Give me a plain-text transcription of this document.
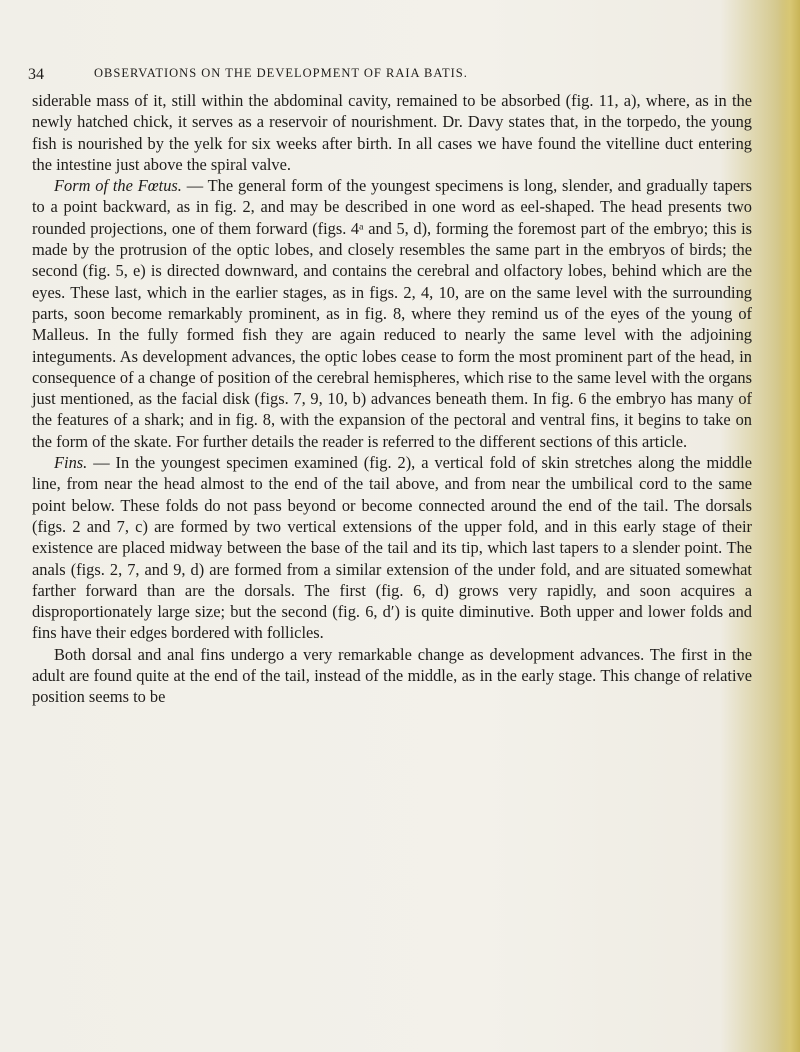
34	OBSERVATIONS ON THE DEVELOPMENT OF RAIA BATIS.

siderable mass of it, still within the abdominal cavity, remained to be absorbed (fig. 11, a), where, as in the newly hatched chick, it serves as a reservoir of nourishment. Dr. Davy states that, in the torpedo, the young fish is nourished by the yelk for six weeks after birth. In all cases we have found the vitelline duct entering the intestine just above the spiral valve.

Form of the Fœtus. — The general form of the youngest specimens is long, slender, and gradually tapers to a point backward, as in fig. 2, and may be described in one word as eel-shaped. The head presents two rounded projections, one of them forward (figs. 4ᵃ and 5, d), forming the foremost part of the embryo; this is made by the protrusion of the optic lobes, and closely resembles the same part in the embryos of birds; the second (fig. 5, e) is directed downward, and contains the cerebral and olfactory lobes, behind which are the eyes. These last, which in the earlier stages, as in figs. 2, 4, 10, are on the same level with the surrounding parts, soon become remarkably prominent, as in fig. 8, where they remind us of the eyes of the young of Malleus. In the fully formed fish they are again reduced to nearly the same level with the adjoining integuments. As development advances, the optic lobes cease to form the most prominent part of the head, in consequence of a change of position of the cerebral hemispheres, which rise to the same level with the organs just mentioned, as the facial disk (figs. 7, 9, 10, b) advances beneath them. In fig. 6 the embryo has many of the features of a shark; and in fig. 8, with the expansion of the pectoral and ventral fins, it begins to take on the form of the skate. For further details the reader is referred to the different sections of this article.

Fins. — In the youngest specimen examined (fig. 2), a vertical fold of skin stretches along the middle line, from near the head almost to the end of the tail above, and from near the umbilical cord to the same point below. These folds do not pass beyond or become connected around the end of the tail. The dorsals (figs. 2 and 7, c) are formed by two vertical extensions of the upper fold, and in this early stage of their existence are placed midway between the base of the tail and its tip, which last tapers to a slender point. The anals (figs. 2, 7, and 9, d) are formed from a similar extension of the under fold, and are situated somewhat farther forward than are the dorsals. The first (fig. 6, d) grows very rapidly, and soon acquires a disproportionately large size; but the second (fig. 6, d′) is quite diminutive. Both upper and lower folds and fins have their edges bordered with follicles.

Both dorsal and anal fins undergo a very remarkable change as development advances. The first in the adult are found quite at the end of the tail, instead of the middle, as in the early stage. This change of relative position seems to be
